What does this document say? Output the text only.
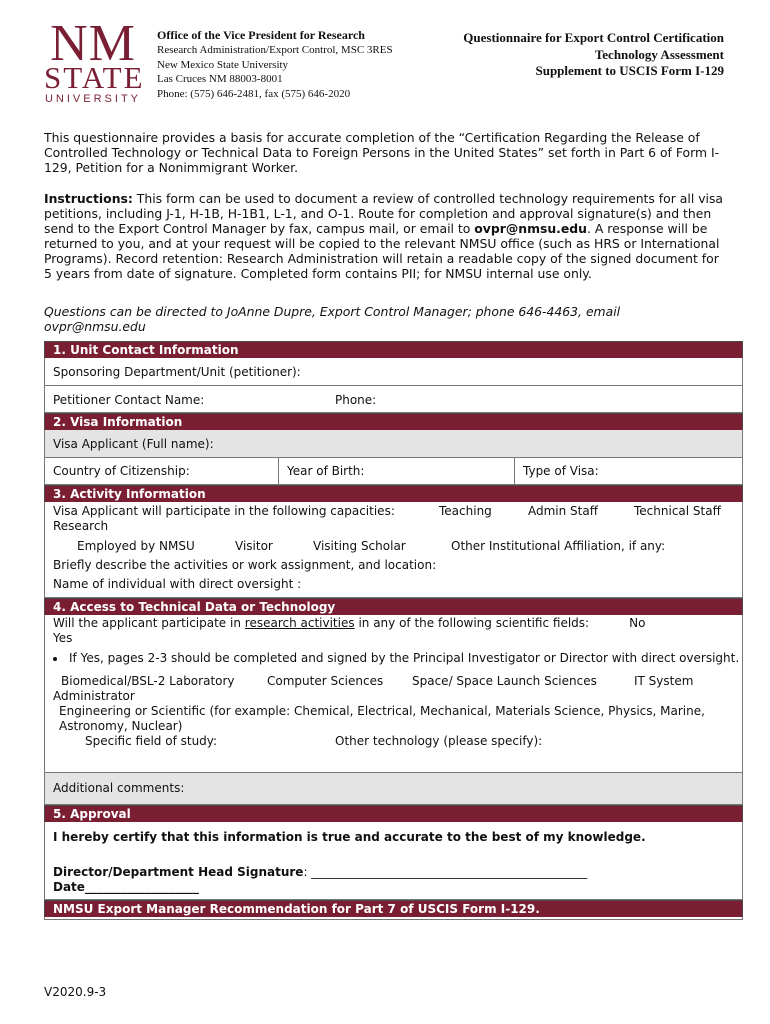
NM
STATE
UNIVERSITY
Office of the Vice President for Research
Research Administration/Export Control, MSC 3RES
New Mexico State University
Las Cruces NM 88003-8001
Phone: (575) 646-2481, fax (575) 646-2020
Questionnaire for Export Control Certification
Technology Assessment
Supplement to USCIS Form I-129
This questionnaire provides a basis for accurate completion of the “Certification Regarding the Release of Controlled Technology or Technical Data to Foreign Persons in the United States” set forth in Part 6 of Form I-129, Petition for a Nonimmigrant Worker.
Instructions: This form can be used to document a review of controlled technology requirements for all visa petitions, including J-1, H-1B, H-1B1, L-1, and O-1. Route for completion and approval signature(s) and then send to the Export Control Manager by fax, campus mail, or email to ovpr@nmsu.edu. A response will be returned to you, and at your request will be copied to the relevant NMSU office (such as HRS or International Programs). Record retention: Research Administration will retain a readable copy of the signed document for 5 years from date of signature. Completed form contains PII; for NMSU internal use only.
Questions can be directed to JoAnne Dupre, Export Control Manager; phone 646-4463, email ovpr@nmsu.edu
1. Unit Contact Information
Sponsoring Department/Unit (petitioner):
Petitioner Contact Name:	Phone:
2. Visa Information
Visa Applicant (Full name):
Country of Citizenship:	Year of Birth:	Type of Visa:
3. Activity Information
Visa Applicant will participate in the following capacities:	Teaching	Admin Staff	Technical Staff
Research
Employed by NMSU	Visitor	Visiting Scholar	Other Institutional Affiliation, if any:
Briefly describe the activities or work assignment, and location:
Name of individual with direct oversight :
4. Access to Technical Data or Technology
Will the applicant participate in research activities in any of the following scientific fields:	No
Yes
• If Yes, pages 2-3 should be completed and signed by the Principal Investigator or Director with direct oversight.
Biomedical/BSL-2 Laboratory	Computer Sciences Space/ Space Launch Sciences	IT System
Administrator
Engineering or Scientific (for example: Chemical, Electrical, Mechanical, Materials Science, Physics, Marine, Astronomy, Nuclear)
Specific field of study:	Other technology (please specify):
Additional comments:
5. Approval
I hereby certify that this information is true and accurate to the best of my knowledge.
Director/Department Head Signature: ______________________________________________
Date___________________
NMSU Export Manager Recommendation for Part 7 of USCIS Form I-129.
V2020.9-3
